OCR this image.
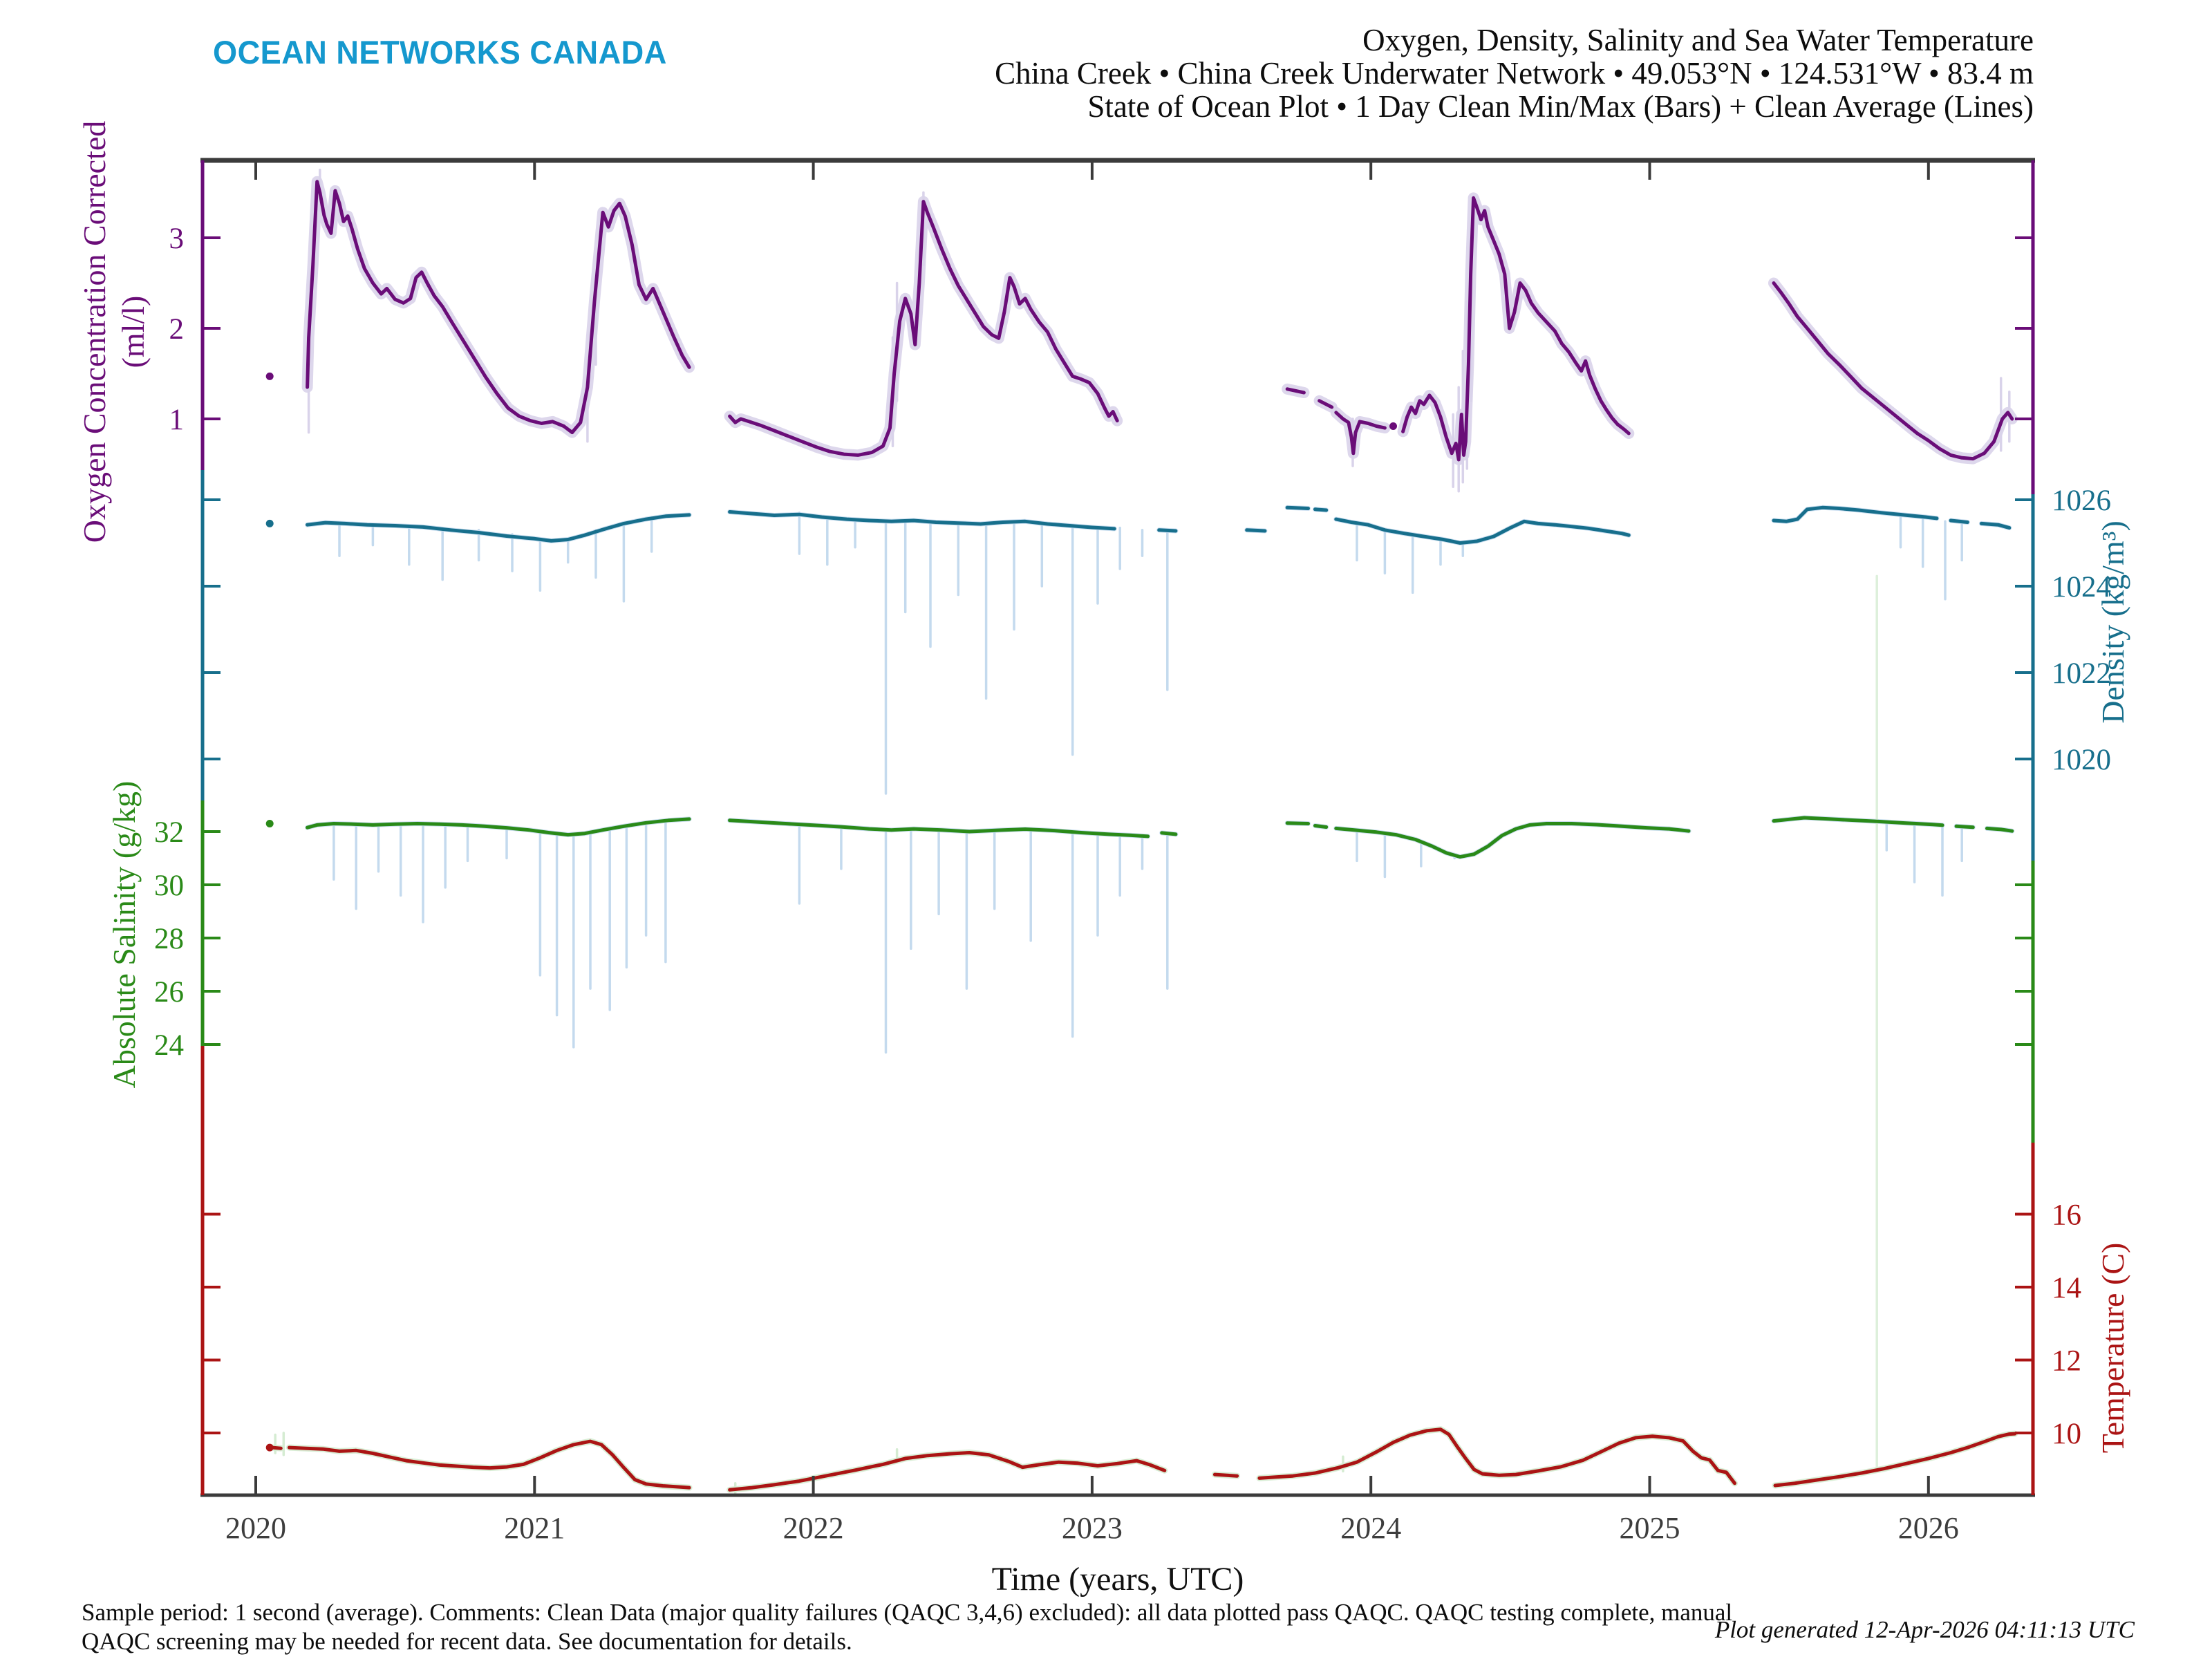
OCEAN NETWORKS CANADA	Oxygen, Density, Salinity and Sea Water Temperature
China Creek • China Creek Underwater Network • 49.053°N • 124.531°W • 83.4 m
State of Ocean Plot • 1 Day Clean Min/Max (Bars) + Clean Average (Lines)
2020	2021	2022	2023	2024	2025	2026
3
2
1
1026
1024
1022
1020
32
30
28
26
24
16
14
12
10
Oxygen Concentration Corrected (ml/l)
Density (kg/m³)
Absolute Salinity (g/kg)
Temperature (C)
Time (years, UTC)
Sample period: 1 second (average). Comments: Clean Data (major quality failures (QAQC 3,4,6) excluded): all data plotted pass QAQC. QAQC testing complete, manual
QAQC screening may be needed for recent data. See documentation for details.	Plot generated 12-Apr-2026 04:11:13 UTC
